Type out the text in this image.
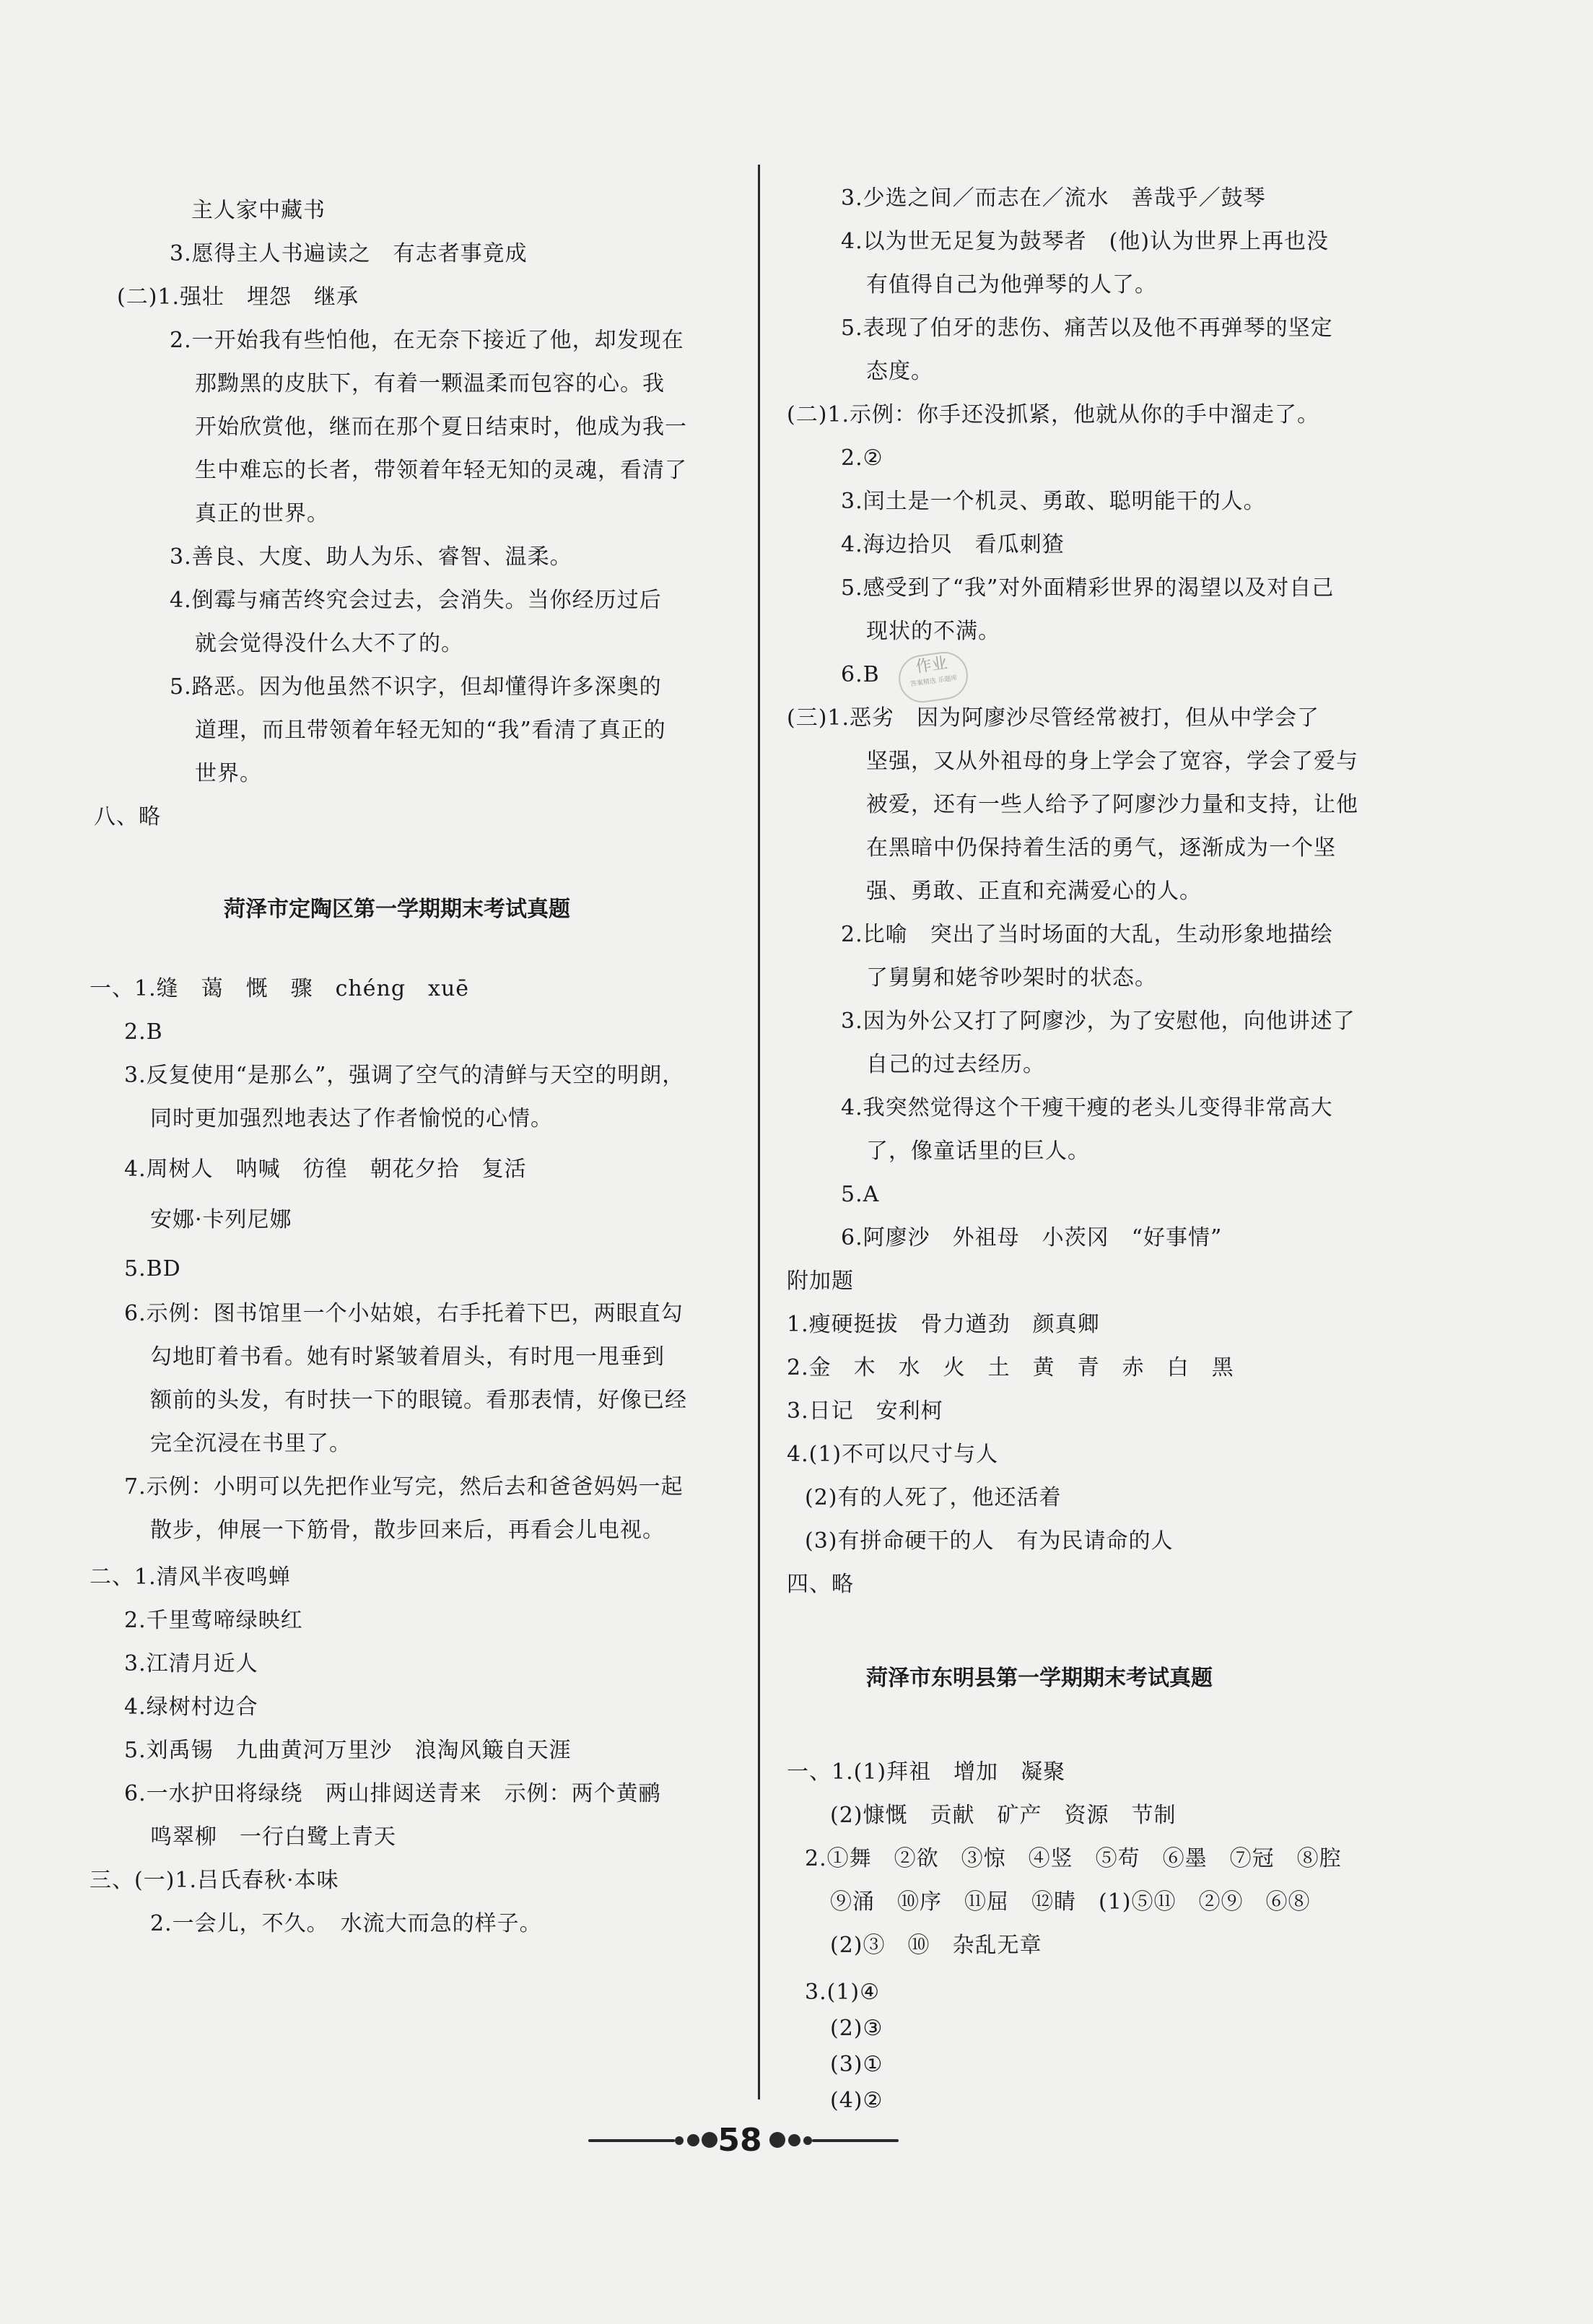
主人家中藏书
3.愿得主人书遍读之　有志者事竟成
(二)1.强壮　埋怨　继承
2.一开始我有些怕他，在无奈下接近了他，却发现在
那黝黑的皮肤下，有着一颗温柔而包容的心。我
开始欣赏他，继而在那个夏日结束时，他成为我一
生中难忘的长者，带领着年轻无知的灵魂，看清了
真正的世界。
3.善良、大度、助人为乐、睿智、温柔。
4.倒霉与痛苦终究会过去，会消失。当你经历过后
就会觉得没什么大不了的。
5.路恶。因为他虽然不识字，但却懂得许多深奥的
道理，而且带领着年轻无知的“我”看清了真正的
世界。
八、略
菏泽市定陶区第一学期期末考试真题
一、1.缝　蔼　慨　骤　chéng　xuē
2.B
3.反复使用“是那么”，强调了空气的清鲜与天空的明朗，
同时更加强烈地表达了作者愉悦的心情。
4.周树人　呐喊　彷徨　朝花夕拾　复活
安娜·卡列尼娜
5.BD
6.示例：图书馆里一个小姑娘，右手托着下巴，两眼直勾
勾地盯着书看。她有时紧皱着眉头，有时甩一甩垂到
额前的头发，有时扶一下的眼镜。看那表情，好像已经
完全沉浸在书里了。
7.示例：小明可以先把作业写完，然后去和爸爸妈妈一起
散步，伸展一下筋骨，散步回来后，再看会儿电视。
二、1.清风半夜鸣蝉
2.千里莺啼绿映红
3.江清月近人
4.绿树村边合
5.刘禹锡　九曲黄河万里沙　浪淘风簸自天涯
6.一水护田将绿绕　两山排闼送青来　示例：两个黄鹂
鸣翠柳　一行白鹭上青天
三、(一)1.吕氏春秋·本味
2.一会儿，不久。　水流大而急的样子。
3.少选之间／而志在／流水　善哉乎／鼓琴
4.以为世无足复为鼓琴者　(他)认为世界上再也没
有值得自己为他弹琴的人了。
5.表现了伯牙的悲伤、痛苦以及他不再弹琴的坚定
态度。
(二)1.示例：你手还没抓紧，他就从你的手中溜走了。
2.②
3.闰土是一个机灵、勇敢、聪明能干的人。
4.海边拾贝　看瓜刺猹
5.感受到了“我”对外面精彩世界的渴望以及对自己
现状的不满。
6.B
(三)1.恶劣　因为阿廖沙尽管经常被打，但从中学会了
坚强，又从外祖母的身上学会了宽容，学会了爱与
被爱，还有一些人给予了阿廖沙力量和支持，让他
在黑暗中仍保持着生活的勇气，逐渐成为一个坚
强、勇敢、正直和充满爱心的人。
2.比喻　突出了当时场面的大乱，生动形象地描绘
了舅舅和姥爷吵架时的状态。
3.因为外公又打了阿廖沙，为了安慰他，向他讲述了
自己的过去经历。
4.我突然觉得这个干瘦干瘦的老头儿变得非常高大
了，像童话里的巨人。
5.A
6.阿廖沙　外祖母　小茨冈　“好事情”
附加题
1.瘦硬挺拔　骨力遒劲　颜真卿
2.金　木　水　火　土　黄　青　赤　白　黑
3.日记　安利柯
4.(1)不可以尺寸与人
(2)有的人死了，他还活着
(3)有拼命硬干的人　有为民请命的人
四、略
菏泽市东明县第一学期期末考试真题
一、1.(1)拜祖　增加　凝聚
(2)慷慨　贡献　矿产　资源　节制
2.①舞　②欲　③惊　④竖　⑤苟　⑥墨　⑦冠　⑧腔
⑨涌　⑩序　⑪屈　⑫睛　(1)⑤⑪　②⑨　⑥⑧
(2)③　⑩　杂乱无章
3.(1)④
(2)③
(3)①
(4)②
作业
答案精选 乐题库
58
